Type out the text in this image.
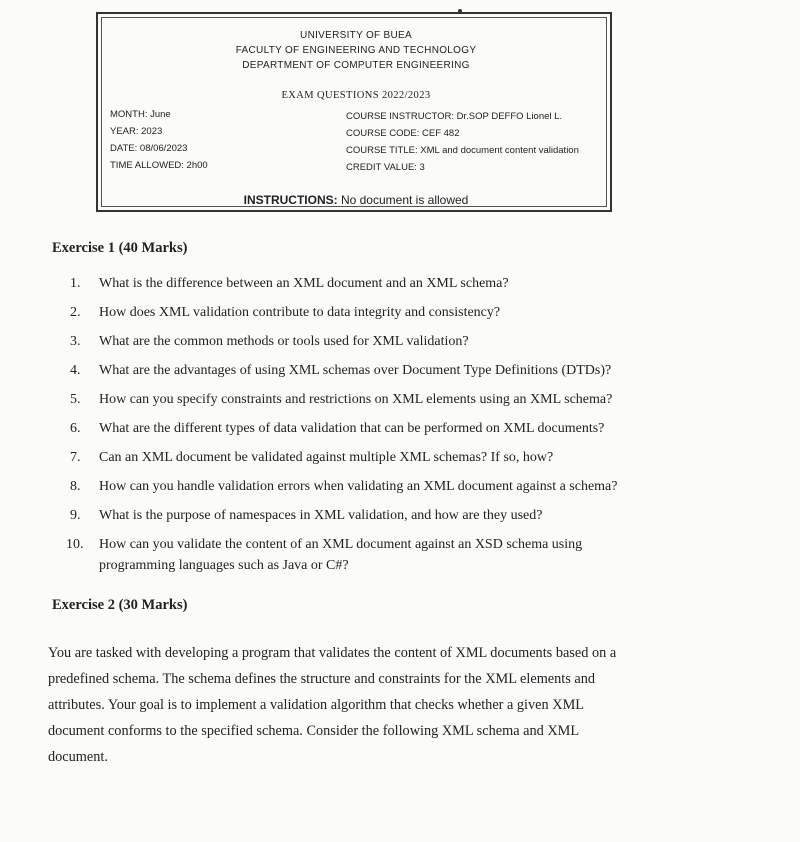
UNIVERSITY OF BUEA
FACULTY OF ENGINEERING AND TECHNOLOGY
DEPARTMENT OF COMPUTER ENGINEERING
EXAM QUESTIONS 2022/2023
MONTH: June
YEAR: 2023
DATE: 08/06/2023
TIME ALLOWED: 2h00
COURSE INSTRUCTOR: Dr.SOP DEFFO Lionel L.
COURSE CODE: CEF 482
COURSE TITLE: XML and document content validation
CREDIT VALUE: 3
INSTRUCTIONS: No document is allowed
Exercise 1 (40 Marks)
1.	What is the difference between an XML document and an XML schema?
2.	How does XML validation contribute to data integrity and consistency?
3.	What are the common methods or tools used for XML validation?
4.	What are the advantages of using XML schemas over Document Type Definitions (DTDs)?
5.	How can you specify constraints and restrictions on XML elements using an XML schema?
6.	What are the different types of data validation that can be performed on XML documents?
7.	Can an XML document be validated against multiple XML schemas? If so, how?
8.	How can you handle validation errors when validating an XML document against a schema?
9.	What is the purpose of namespaces in XML validation, and how are they used?
10.	How can you validate the content of an XML document against an XSD schema using
programming languages such as Java or C#?
Exercise 2 (30 Marks)
You are tasked with developing a program that validates the content of XML documents based on a
predefined schema. The schema defines the structure and constraints for the XML elements and
attributes. Your goal is to implement a validation algorithm that checks whether a given XML
document conforms to the specified schema. Consider the following XML schema and XML
document.
